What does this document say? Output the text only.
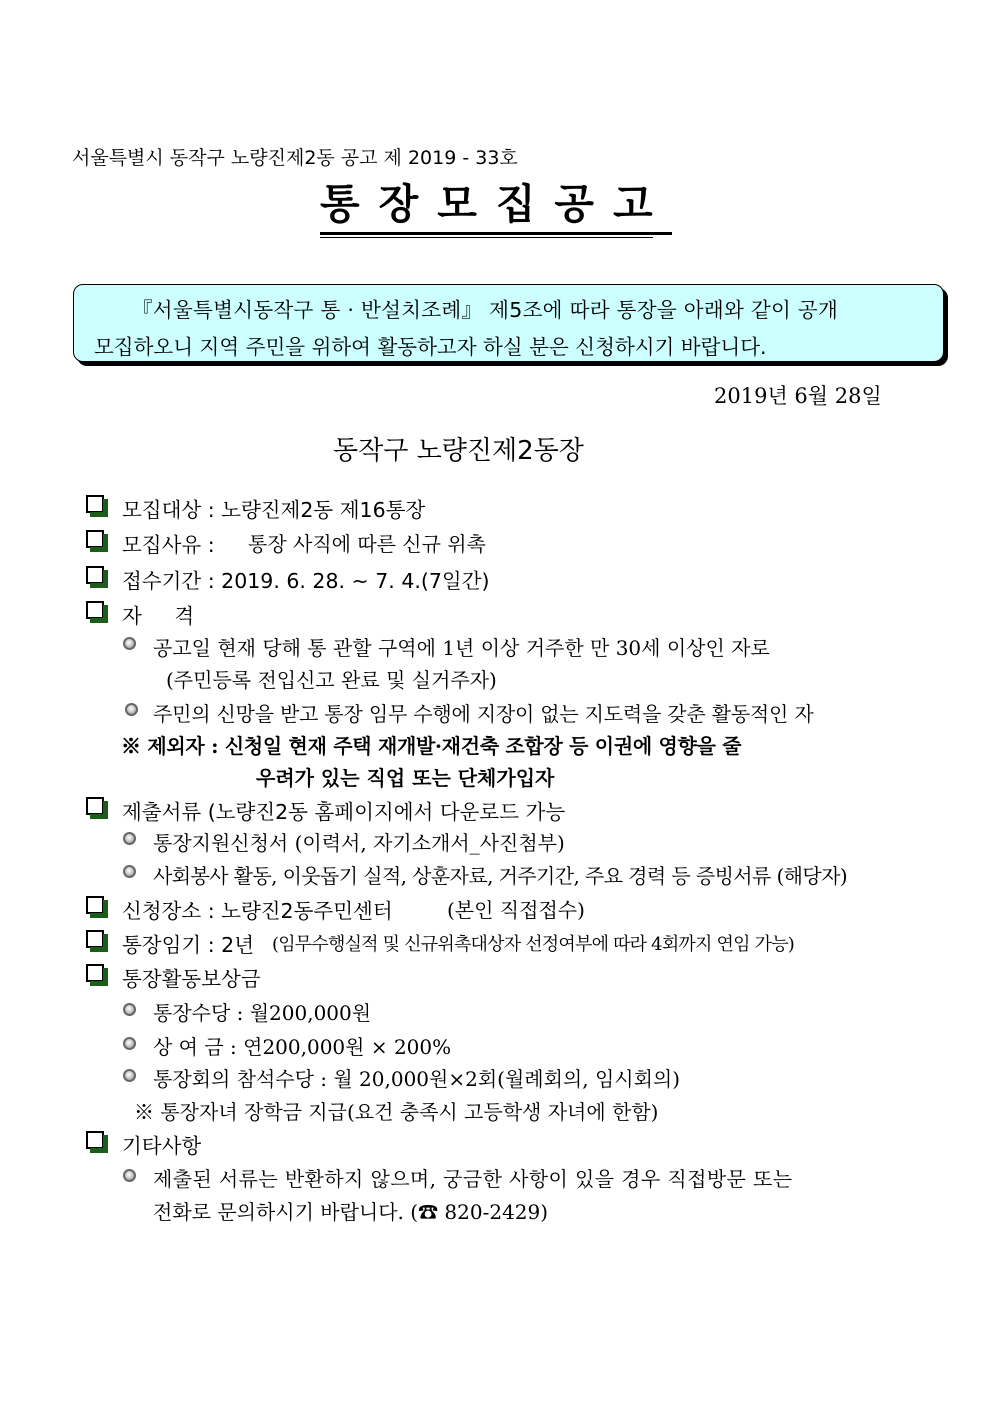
서울특별시 동작구 노량진제2동 공고 제 2019 - 33호
통장모집공고
『서울특별시동작구 통 · 반설치조례』 제5조에 따라 통장을 아래와 같이 공개
모집하오니 지역 주민을 위하여 활동하고자 하실 분은 신청하시기 바랍니다.
2019년 6월 28일
동작구 노량진제2동장
모집대상 : 노량진제2동 제16통장
모집사유 : 통장 사직에 따른 신규 위촉
접수기간 : 2019. 6. 28. ~ 7. 4.(7일간)
자     격
공고일 현재 당해 통 관할 구역에 1년 이상 거주한 만 30세 이상인 자로
(주민등록 전입신고 완료 및 실거주자)
주민의 신망을 받고 통장 임무 수행에 지장이 없는 지도력을 갖춘 활동적인 자
※ 제외자 : 신청일 현재 주택 재개발·재건축 조합장 등 이권에 영향을 줄
우려가 있는 직업 또는 단체가입자
제출서류 (노량진2동 홈페이지에서 다운로드 가능
통장지원신청서 (이력서, 자기소개서_사진첨부)
사회봉사 활동, 이웃돕기 실적, 상훈자료, 거주기간, 주요 경력 등 증빙서류 (해당자)
신청장소 : 노량진2동주민센터	(본인 직접접수)
통장임기 : 2년 (임무수행실적 및 신규위촉대상자 선정여부에 따라 4회까지 연임 가능)
통장활동보상금
통장수당 : 월200,000원
상 여 금 : 연200,000원 × 200%
통장회의 참석수당 : 월 20,000원×2회(월례회의, 임시회의)
※ 통장자녀 장학금 지급(요건 충족시 고등학생 자녀에 한함)
기타사항
제출된 서류는 반환하지 않으며, 궁금한 사항이 있을 경우 직접방문 또는
전화로 문의하시기 바랍니다. (☎ 820-2429)
